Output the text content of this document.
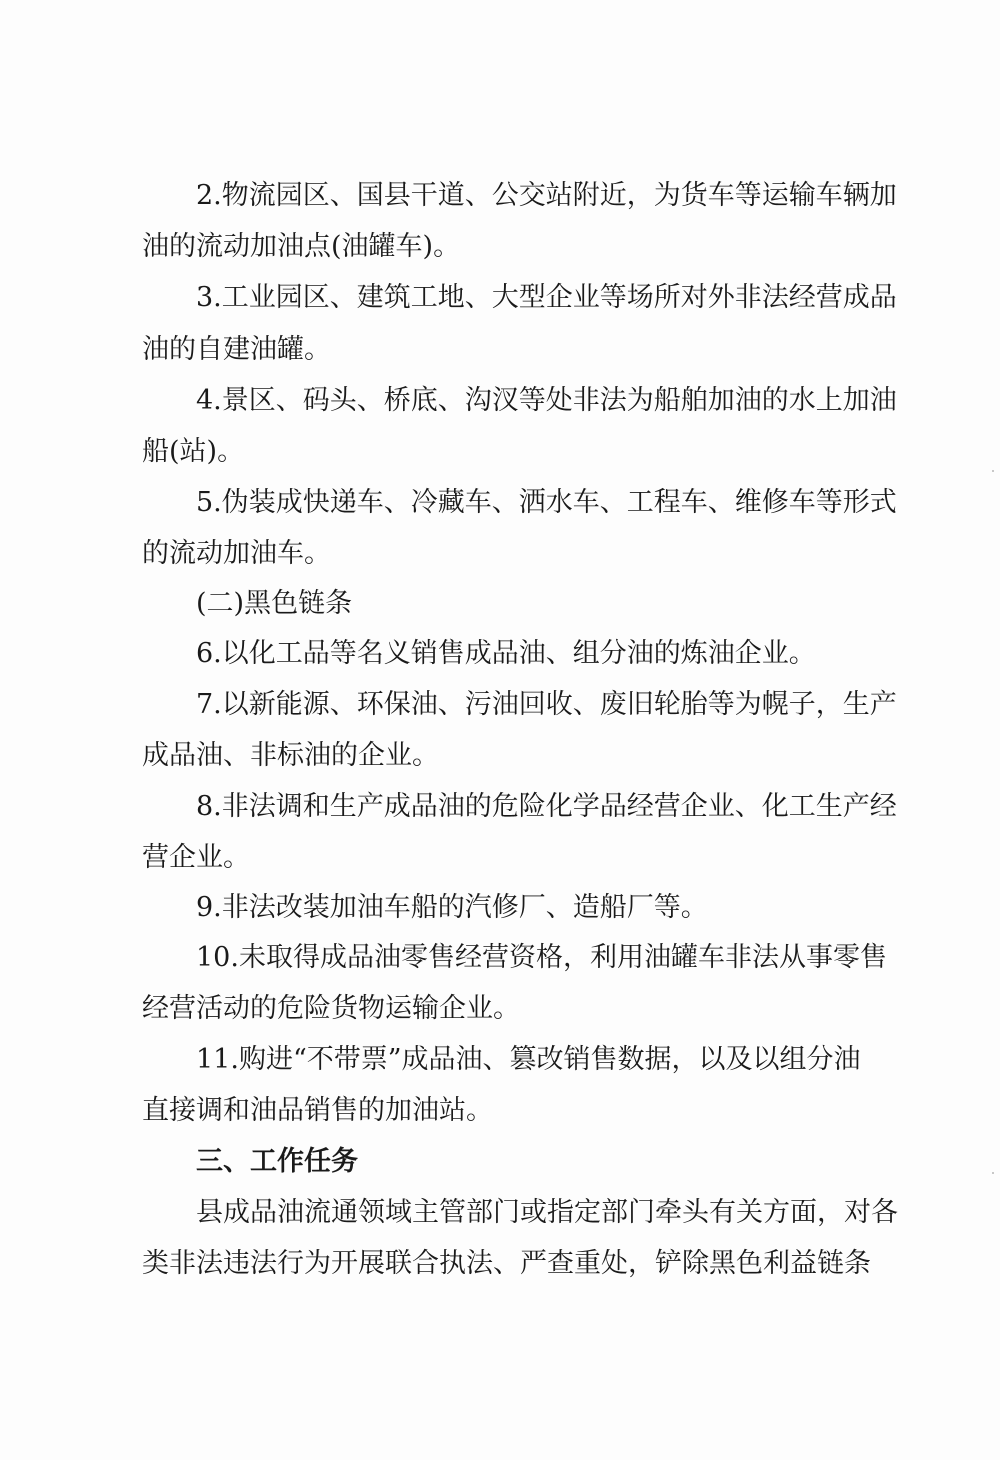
2.物流园区、国县干道、公交站附近，为货车等运输车辆加
油的流动加油点(油罐车)。
3.工业园区、建筑工地、大型企业等场所对外非法经营成品
油的自建油罐。
4.景区、码头、桥底、沟汊等处非法为船舶加油的水上加油
船(站)。
5.伪装成快递车、冷藏车、洒水车、工程车、维修车等形式
的流动加油车。
(二)黑色链条
6.以化工品等名义销售成品油、组分油的炼油企业。
7.以新能源、环保油、污油回收、废旧轮胎等为幌子，生产
成品油、非标油的企业。
8.非法调和生产成品油的危险化学品经营企业、化工生产经
营企业。
9.非法改装加油车船的汽修厂、造船厂等。
10.未取得成品油零售经营资格，利用油罐车非法从事零售
经营活动的危险货物运输企业。
11.购进“不带票”成品油、篡改销售数据，以及以组分油
直接调和油品销售的加油站。
三、工作任务
县成品油流通领域主管部门或指定部门牵头有关方面，对各
类非法违法行为开展联合执法、严查重处，铲除黑色利益链条
